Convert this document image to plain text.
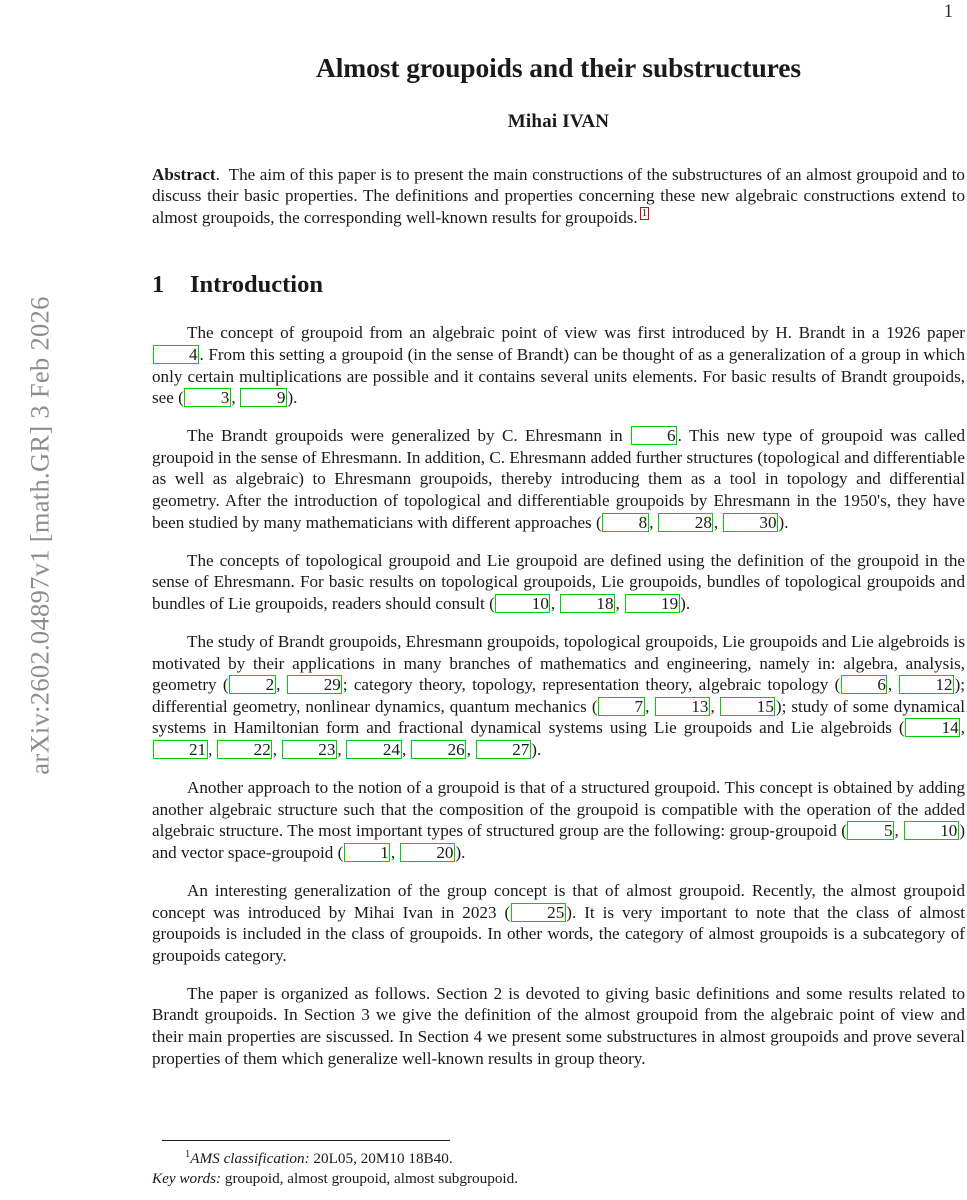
arXiv:2602.04897v1 [math.GR] 3 Feb 2026
1
Almost groupoids and their substructures
Mihai IVAN
Abstract. The aim of this paper is to present the main constructions of the substructures of an almost groupoid and to discuss their basic properties. The definitions and properties concerning these new algebraic constructions extend to almost groupoids, the corresponding well-known results for groupoids. 1
1 Introduction

The concept of groupoid from an algebraic point of view was first introduced by H. Brandt in a 1926 paper 4 . From this setting a groupoid (in the sense of Brandt) can be thought of as a generalization of a group in which only certain multiplications are possible and it contains several units elements. For basic results of Brandt groupoids, see ( 3 , 9 ).

The Brandt groupoids were generalized by C. Ehresmann in 6 . This new type of groupoid was called groupoid in the sense of Ehresmann. In addition, C. Ehresmann added further structures (topological and differentiable as well as algebraic) to Ehresmann groupoids, thereby introducing them as a tool in topology and differential geometry. After the introduction of topological and differentiable groupoids by Ehresmann in the 1950's, they have been studied by many mathematicians with different approaches ( 8 , 28 , 30 ).

The concepts of topological groupoid and Lie groupoid are defined using the definition of the groupoid in the sense of Ehresmann. For basic results on topological groupoids, Lie groupoids, bundles of topological groupoids and bundles of Lie groupoids, readers should consult ( 10 , 18 , 19 ).

The study of Brandt groupoids, Ehresmann groupoids, topological groupoids, Lie groupoids and Lie algebroids is motivated by their applications in many branches of mathematics and engineering, namely in: algebra, analysis, geometry ( 2 , 29 ; category theory, topology, representation theory, algebraic topology ( 6 , 12 ); differential geometry, nonlinear dynamics, quantum mechanics ( 7 , 13 , 15 ); study of some dynamical systems in Hamiltonian form and fractional dynamical systems using Lie groupoids and Lie algebroids ( 14 , 21 , 22 , 23 , 24 , 26 , 27 ).

Another approach to the notion of a groupoid is that of a structured groupoid. This concept is obtained by adding another algebraic structure such that the composition of the groupoid is compatible with the operation of the added algebraic structure. The most important types of structured group are the following: group-groupoid ( 5 , 10 ) and vector space-groupoid ( 1 , 20 ).

An interesting generalization of the group concept is that of almost groupoid. Recently, the almost groupoid concept was introduced by Mihai Ivan in 2023 ( 25 ). It is very important to note that the class of almost groupoids is included in the class of groupoids. In other words, the category of almost groupoids is a subcategory of groupoids category.

The paper is organized as follows. Section 2 is devoted to giving basic definitions and some results related to Brandt groupoids. In Section 3 we give the definition of the almost groupoid from the algebraic point of view and their main properties are siscussed. In Section 4 we present some substructures in almost groupoids and prove several properties of them which generalize well-known results in group theory.

$^1$AMS classification: 20L05, 20M10 18B40.

Key words: groupoid, almost groupoid, almost subgroupoid.
